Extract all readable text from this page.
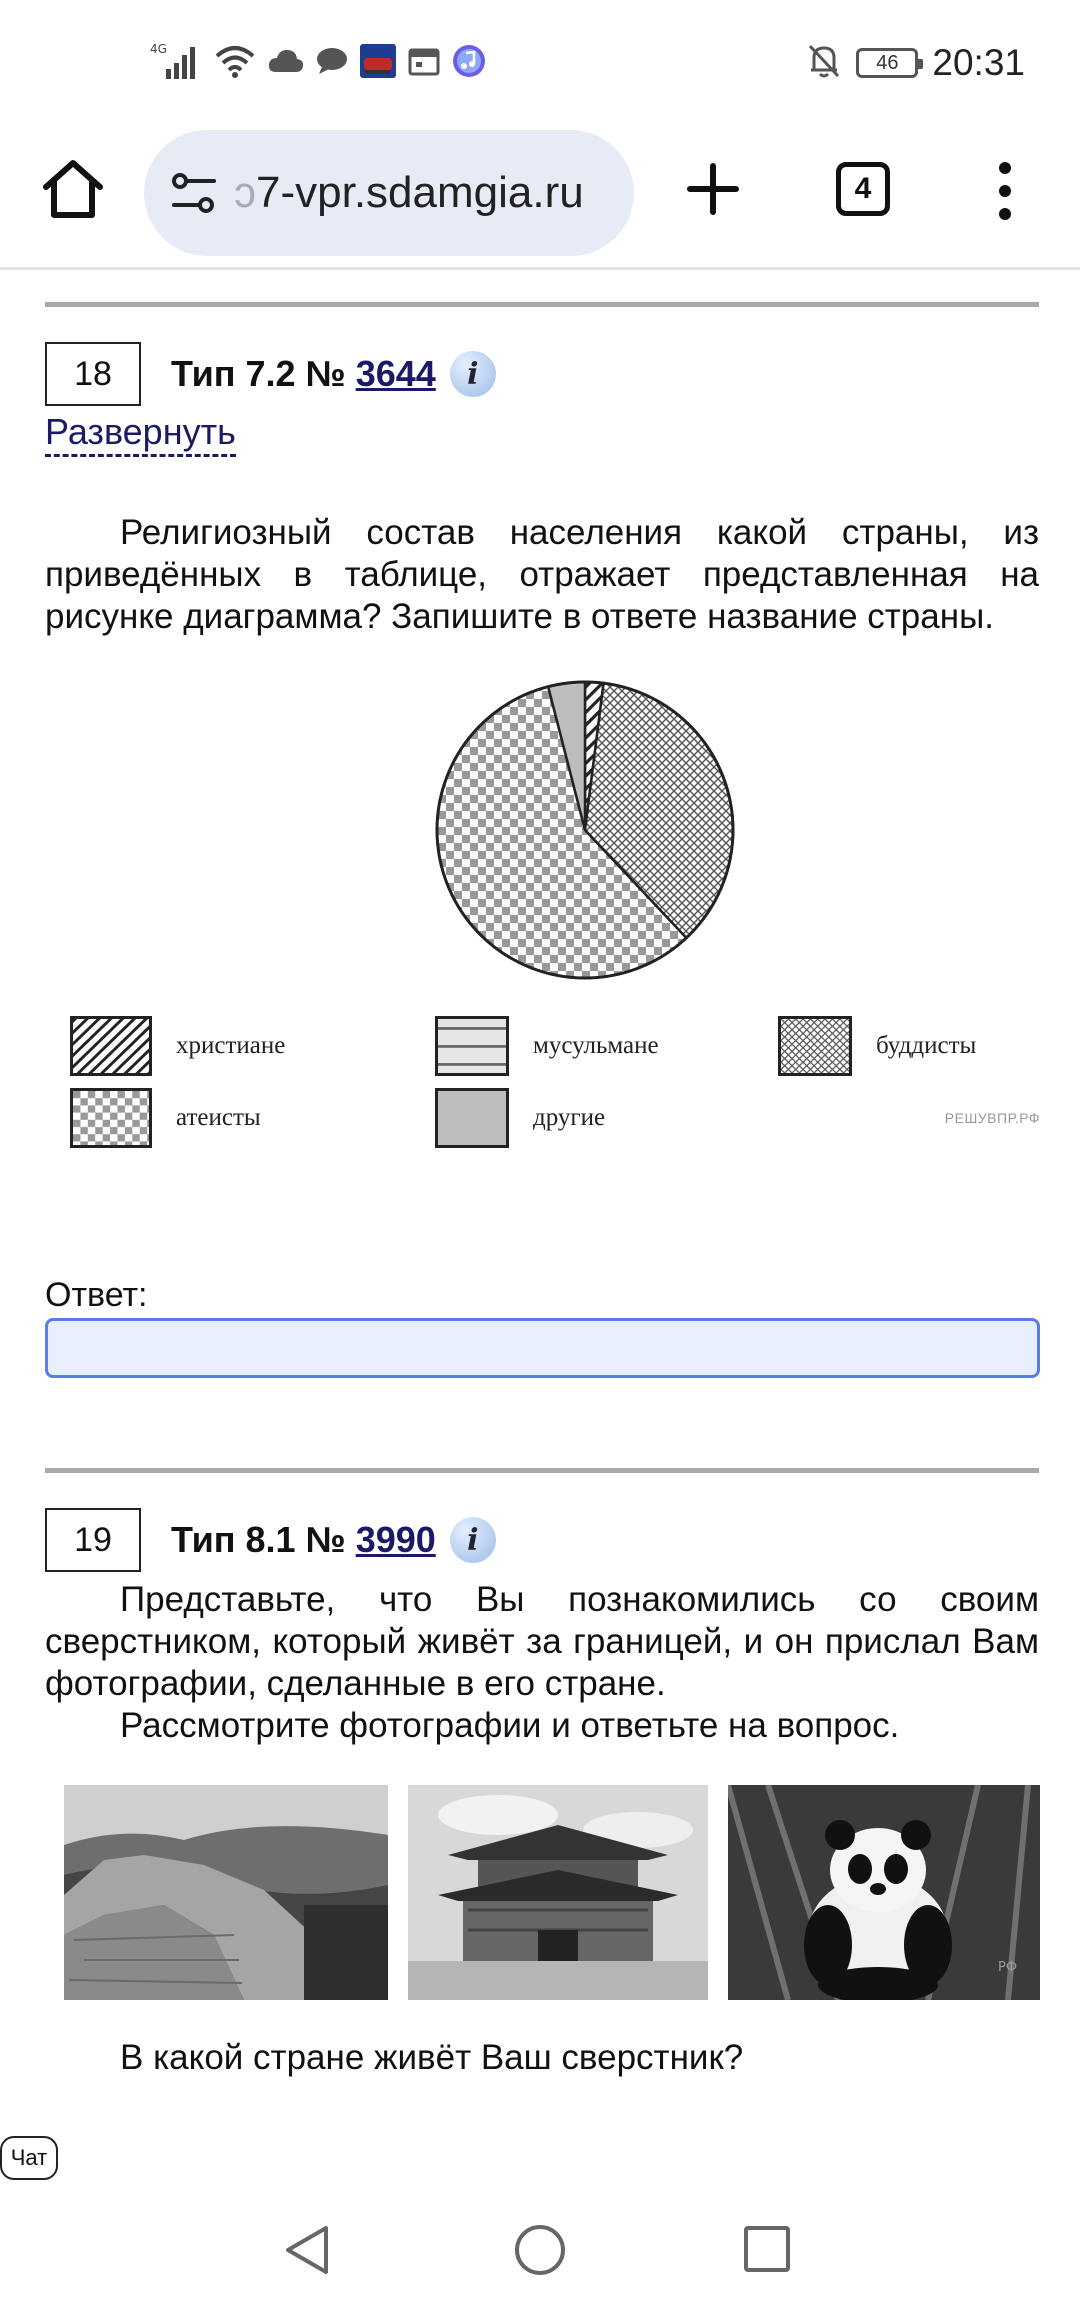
4G
46 20:31
ɔ7-vpr.sdamgia.ru	4
18	Тип 7.2 № 3644	i
Развернуть
Религиозный состав населения какой страны, из приведённых в таблице, отражает представленная на рисунке диаграмма? Запишите в ответе название страны.
христиане	мусульмане	буддисты
атеисты	другие	РЕШУВПР.РФ
Ответ:
19	Тип 8.1 № 3990	i
Представьте, что Вы познакомились со своим сверстником, который живёт за границей, и он прислал Вам фотографии, сделанные в его стране.
Рассмотрите фотографии и ответьте на вопрос.
РФ
В какой стране живёт Ваш сверстник?
Чат
